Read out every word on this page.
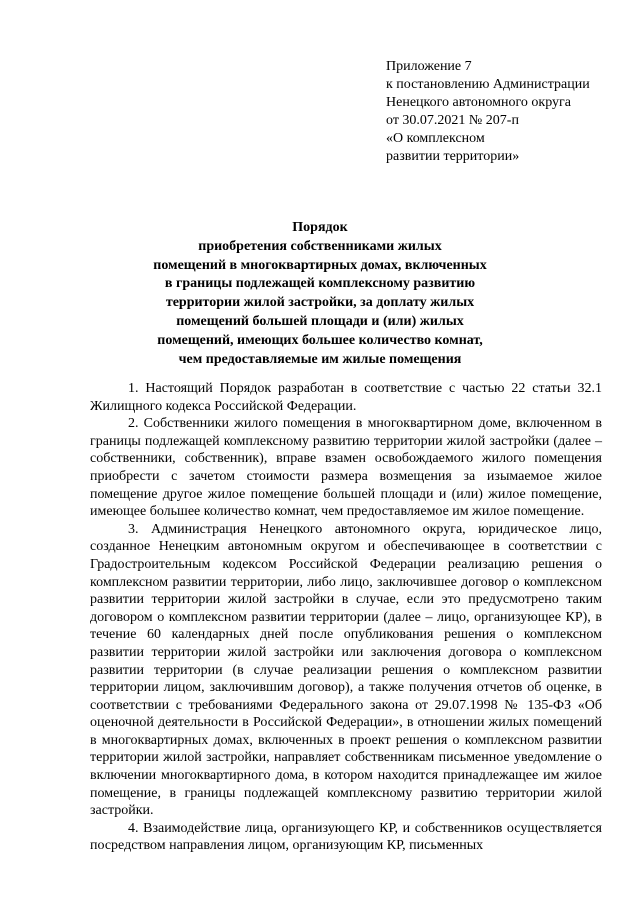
Приложение 7
к постановлению Администрации
Ненецкого автономного округа
от 30.07.2021 № 207-п
«О комплексном
развитии территории»
Порядок
приобретения собственниками жилых
помещений в многоквартирных домах, включенных
в границы подлежащей комплексному развитию
территории жилой застройки, за доплату жилых
помещений большей площади и (или) жилых
помещений, имеющих большее количество комнат,
чем предоставляемые им жилые помещения

1. Настоящий Порядок разработан в соответствие с частью 22 статьи 32.1 Жилищного кодекса Российской Федерации.

2. Собственники жилого помещения в многоквартирном доме, включенном в границы подлежащей комплексному развитию территории жилой застройки (далее – собственники, собственник), вправе взамен освобождаемого жилого помещения приобрести с зачетом стоимости размера возмещения за изымаемое жилое помещение другое жилое помещение большей площади и (или) жилое помещение, имеющее большее количество комнат, чем предоставляемое им жилое помещение.

3. Администрация Ненецкого автономного округа, юридическое лицо, созданное Ненецким автономным округом и обеспечивающее в соответствии с Градостроительным кодексом Российской Федерации реализацию решения о комплексном развитии территории, либо лицо, заключившее договор о комплексном развитии территории жилой застройки в случае, если это предусмотрено таким договором о комплексном развитии территории (далее – лицо, организующее КР), в течение 60 календарных дней после опубликования решения о комплексном развитии территории жилой застройки или заключения договора о комплексном развитии территории (в случае реализации решения о комплексном развитии территории лицом, заключившим договор), а также получения отчетов об оценке, в соответствии с требованиями Федерального закона от 29.07.1998 № 135-ФЗ «Об оценочной деятельности в Российской Федерации», в отношении жилых помещений в многоквартирных домах, включенных в проект решения о комплексном развитии территории жилой застройки, направляет собственникам письменное уведомление о включении многоквартирного дома, в котором находится принадлежащее им жилое помещение, в границы подлежащей комплексному развитию территории жилой застройки.

4. Взаимодействие лица, организующего КР, и собственников осуществляется посредством направления лицом, организующим КР, письменных
